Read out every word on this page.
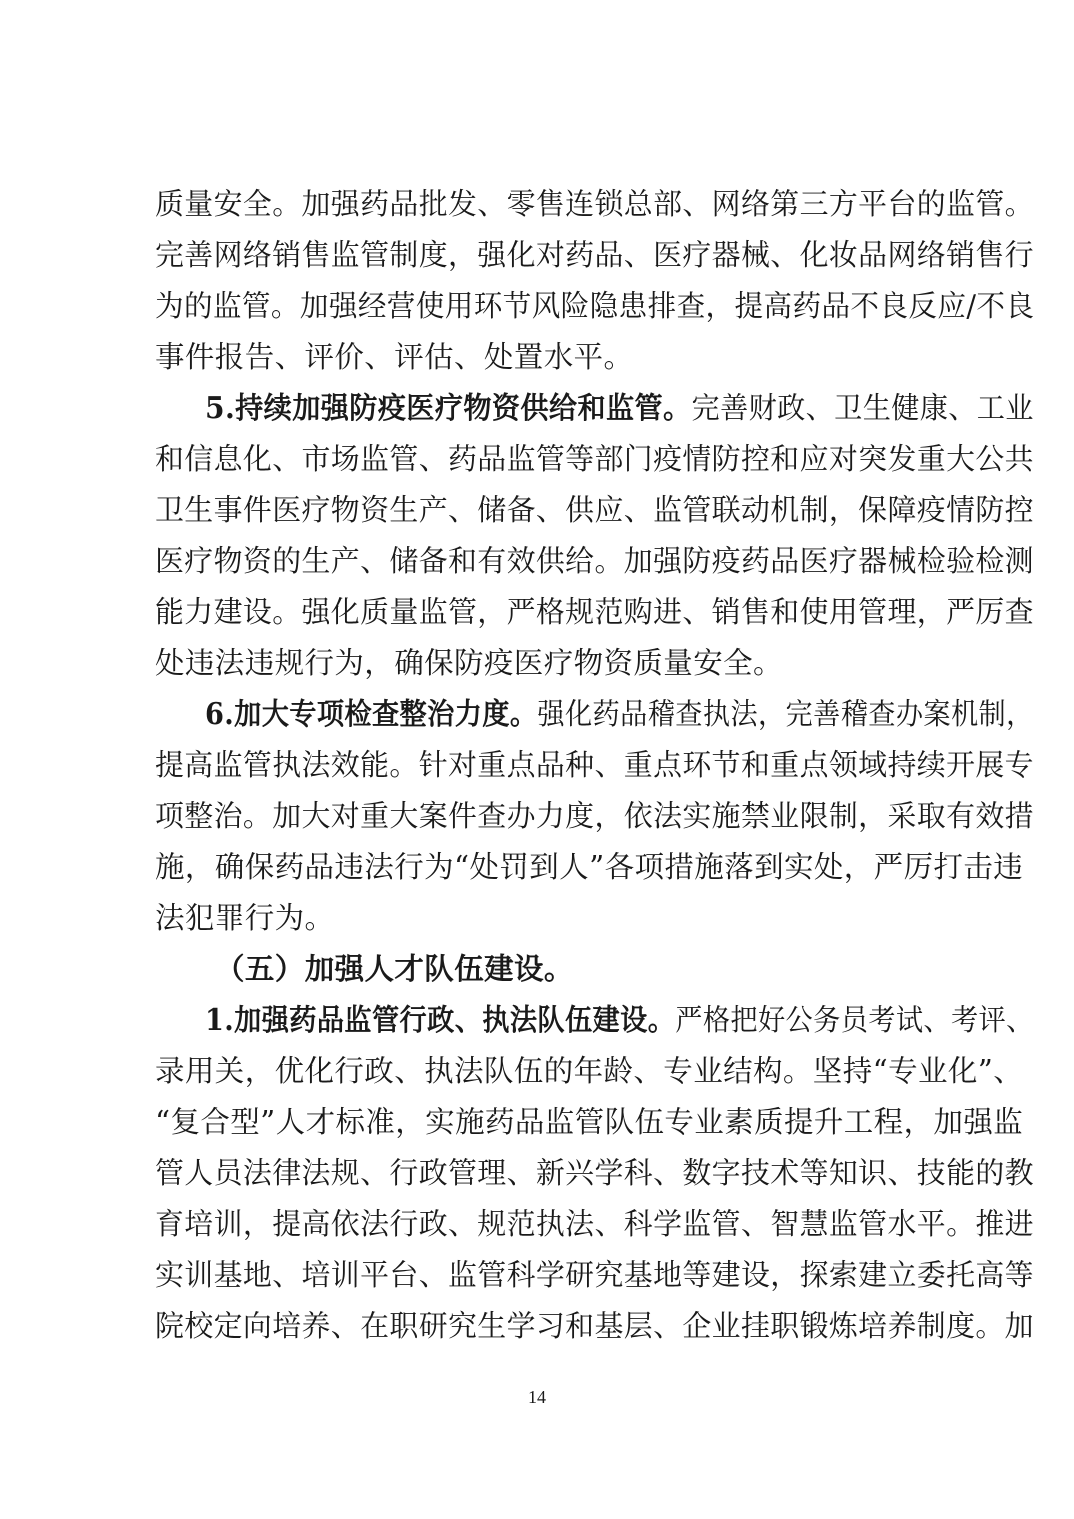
质量安全。加强药品批发、零售连锁总部、网络第三方平台的监管。
完善网络销售监管制度，强化对药品、医疗器械、化妆品网络销售行
为的监管。加强经营使用环节风险隐患排查，提高药品不良反应/不良
事件报告、评价、评估、处置水平。
5.持续加强防疫医疗物资供给和监管。完善财政、卫生健康、工业
和信息化、市场监管、药品监管等部门疫情防控和应对突发重大公共
卫生事件医疗物资生产、储备、供应、监管联动机制，保障疫情防控
医疗物资的生产、储备和有效供给。加强防疫药品医疗器械检验检测
能力建设。强化质量监管，严格规范购进、销售和使用管理，严厉查
处违法违规行为，确保防疫医疗物资质量安全。
6.加大专项检查整治力度。强化药品稽查执法，完善稽查办案机制，
提高监管执法效能。针对重点品种、重点环节和重点领域持续开展专
项整治。加大对重大案件查办力度，依法实施禁业限制，采取有效措
施，确保药品违法行为“处罚到人”各项措施落到实处，严厉打击违
法犯罪行为。
（五）加强人才队伍建设。
1.加强药品监管行政、执法队伍建设。严格把好公务员考试、考评、
录用关，优化行政、执法队伍的年龄、专业结构。坚持“专业化”、
“复合型”人才标准，实施药品监管队伍专业素质提升工程，加强监
管人员法律法规、行政管理、新兴学科、数字技术等知识、技能的教
育培训，提高依法行政、规范执法、科学监管、智慧监管水平。推进
实训基地、培训平台、监管科学研究基地等建设，探索建立委托高等
院校定向培养、在职研究生学习和基层、企业挂职锻炼培养制度。加
14
